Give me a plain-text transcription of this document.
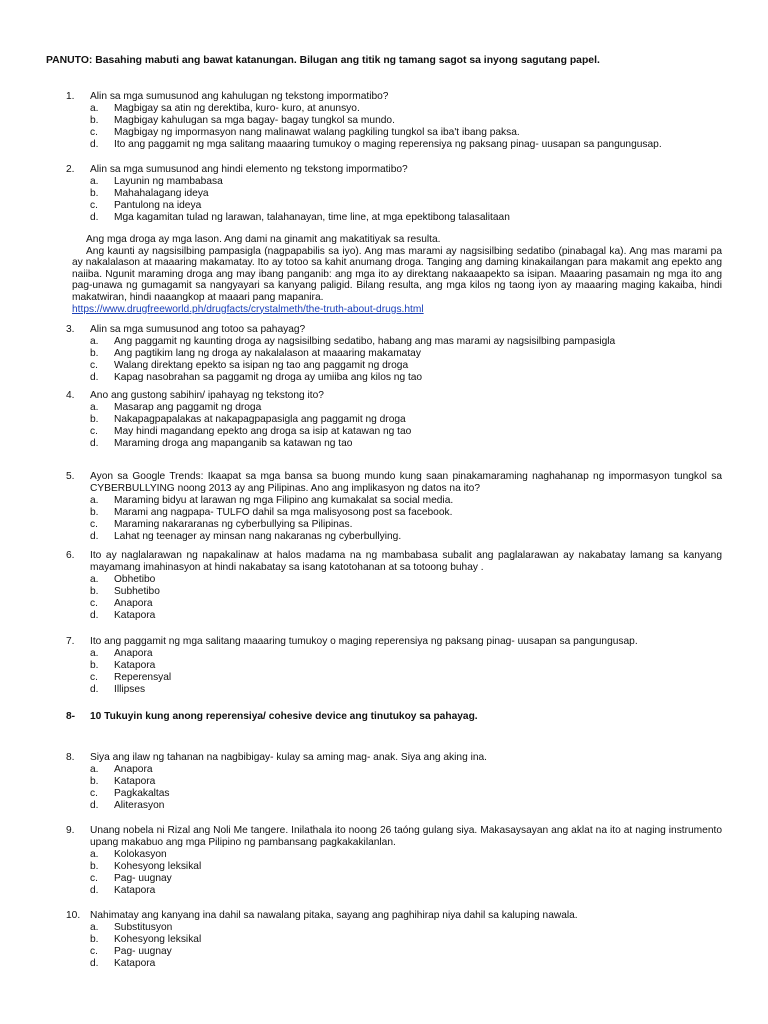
PANUTO: Basahing mabuti ang bawat katanungan. Bilugan ang titik ng tamang sagot sa inyong sagutang papel.
1. Alin sa mga sumusunod ang kahulugan ng tekstong impormatibo?
a. Magbigay sa atin ng derektiba, kuro- kuro, at anunsyo.
b. Magbigay kahulugan sa mga bagay- bagay tungkol sa mundo.
c. Magbigay ng impormasyon nang malinawat walang pagkiling tungkol sa iba't ibang paksa.
d. Ito ang paggamit ng mga salitang maaaring tumukoy o maging reperensiya ng paksang pinag- uusapan sa pangungusap.
2. Alin sa mga sumusunod ang hindi elemento ng tekstong impormatibo?
a. Layunin ng mambabasa
b. Mahahalagang ideya
c. Pantulong na ideya
d. Mga kagamitan tulad ng larawan, talahanayan, time line, at mga epektibong talasalitaan

Ang mga droga ay mga lason. Ang dami na ginamit ang makatitiyak sa resulta.

Ang kaunti ay nagsisilbing pampasigla (nagpapabilis sa iyo). Ang mas marami ay nagsisilbing sedatibo (pinabagal ka). Ang mas marami pa ay nakalalason at maaaring makamatay. Ito ay totoo sa kahit anumang droga. Tanging ang daming kinakailangan para makamit ang epekto ang naiiba. Ngunit maraming droga ang may ibang panganib: ang mga ito ay direktang nakaaapekto sa isipan. Maaaring pasamain ng mga ito ang pag-unawa ng gumagamit sa nangyayari sa kanyang paligid. Bilang resulta, ang mga kilos ng taong iyon ay maaaring maging kakaiba, hindi makatwiran, hindi naaangkop at maaari pang mapanira.

https://www.drugfreeworld.ph/drugfacts/crystalmeth/the-truth-about-drugs.html

3. Alin sa mga sumusunod ang totoo sa pahayag?
a. Ang paggamit ng kaunting droga ay nagsisilbing sedatibo, habang ang mas marami ay nagsisilbing pampasigla
b. Ang pagtikim lang ng droga ay nakalalason at maaaring makamatay
c. Walang direktang epekto sa isipan ng tao ang paggamit ng droga
d. Kapag nasobrahan sa paggamit ng droga ay umiiba ang kilos ng tao
4. Ano ang gustong sabihin/ ipahayag ng tekstong ito?
a. Masarap ang paggamit ng droga
b. Nakapagpapalakas at nakapagpapasigla ang paggamit ng droga
c. May hindi magandang epekto ang droga sa isip at katawan ng tao
d. Maraming droga ang mapanganib sa katawan ng tao
5. Ayon sa Google Trends: Ikaapat sa mga bansa sa buong mundo kung saan pinakamaraming naghahanap ng impormasyon tungkol sa CYBERBULLYING noong 2013 ay ang Pilipinas. Ano ang implikasyon ng datos na ito?
a. Maraming bidyu at larawan ng mga Filipino ang kumakalat sa social media.
b. Marami ang nagpapa- TULFO dahil sa mga malisyosong post sa facebook.
c. Maraming nakararanas ng cyberbullying sa Pilipinas.
d. Lahat ng teenager ay minsan nang nakaranas ng cyberbullying.
6. Ito ay naglalarawan ng napakalinaw at halos madama na ng mambabasa subalit ang paglalarawan ay nakabatay lamang sa kanyang mayamang imahinasyon at hindi nakabatay sa isang katotohanan at sa totoong buhay .
a. Obhetibo
b. Subhetibo
c. Anapora
d. Katapora
7. Ito ang paggamit ng mga salitang maaaring tumukoy o maging reperensiya ng paksang pinag- uusapan sa pangungusap.
a. Anapora
b. Katapora
c. Reperensyal
d. Illipses
8- 10 Tukuyin kung anong reperensiya/ cohesive device ang tinutukoy sa pahayag.
8. Siya ang ilaw ng tahanan na nagbibigay- kulay sa aming mag- anak. Siya ang aking ina.
a. Anapora
b. Katapora
c. Pagkakaltas
d. Aliterasyon
9. Unang nobela ni Rizal ang Noli Me tangere. Inilathala ito noong 26 taóng gulang siya. Makasaysayan ang aklat na ito at naging instrumento upang makabuo ang mga Pilipino ng pambansang pagkakakilanlan.
a. Kolokasyon
b. Kohesyong leksikal
c. Pag- uugnay
d. Katapora
10. Nahimatay ang kanyang ina dahil sa nawalang pitaka, sayang ang paghihirap niya dahil sa kaluping nawala.
a. Substitusyon
b. Kohesyong leksikal
c. Pag- uugnay
d. Katapora
